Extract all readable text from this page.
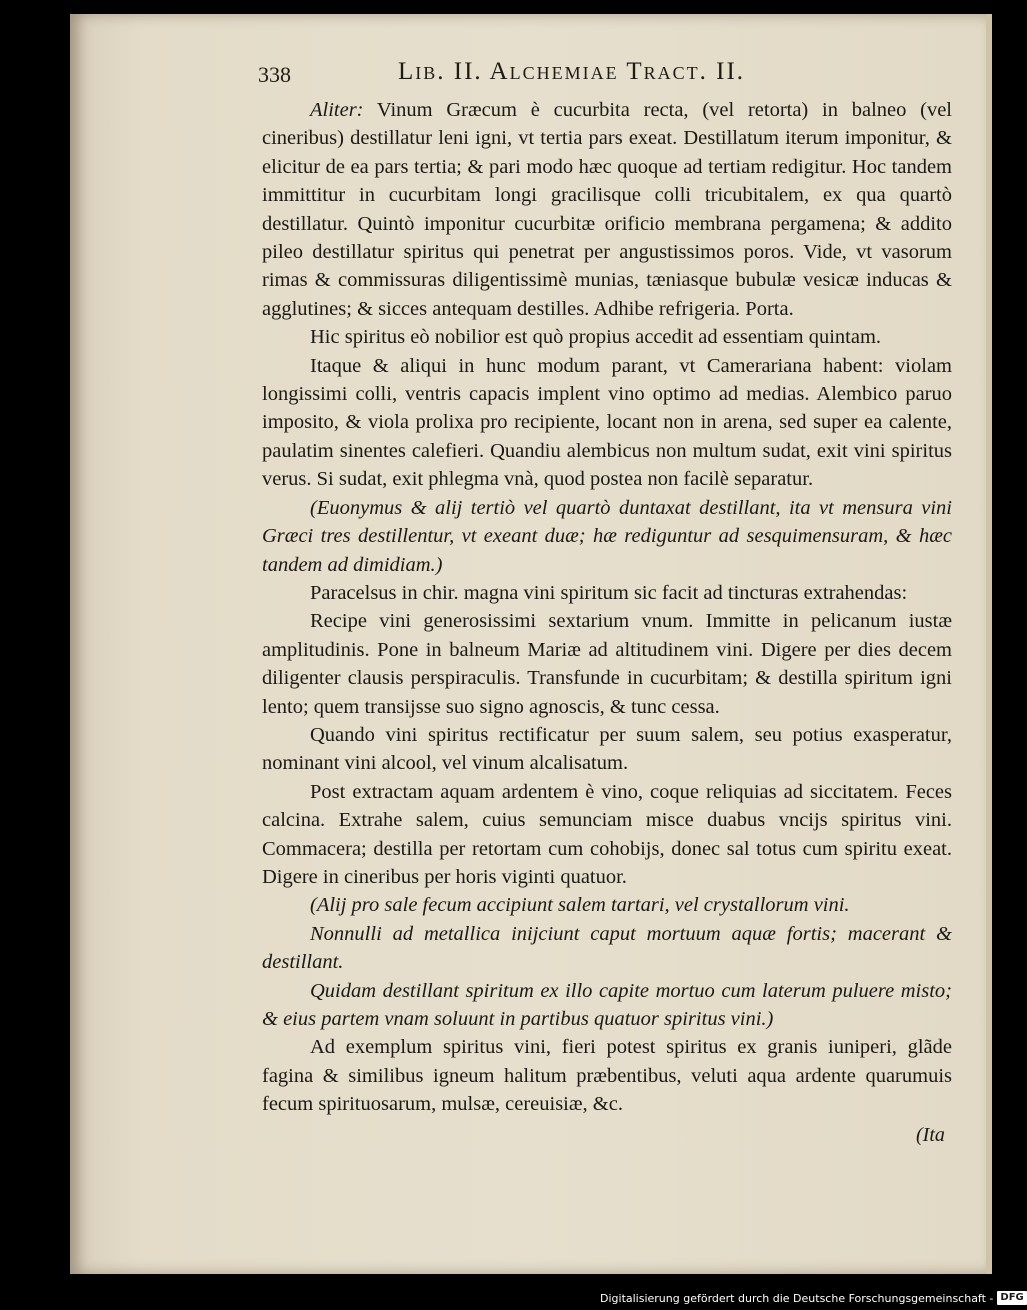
338	Lib. II. Alchemiae Tract. II.

Aliter: Vinum Græcum è cucurbita recta, (vel retorta) in balneo (vel cineribus) destillatur leni igni, vt tertia pars exeat. Destillatum iterum imponitur, & elicitur de ea pars tertia; & pari modo hæc quoque ad tertiam redigitur. Hoc tandem immittitur in cucurbitam longi gracilisque colli tricubitalem, ex qua quartò destillatur. Quintò imponitur cucurbitæ orificio membrana pergamena; & addito pileo destillatur spiritus qui penetrat per angustissimos poros. Vide, vt vasorum rimas & commissuras diligentissimè munias, tæniasque bubulæ vesicæ inducas & agglutines; & sicces antequam destilles. Adhibe refrigeria. Porta.

Hic spiritus eò nobilior est quò propius accedit ad essentiam quintam.

Itaque & aliqui in hunc modum parant, vt Camerariana habent: violam longissimi colli, ventris capacis implent vino optimo ad medias. Alembico paruo imposito, & viola prolixa pro recipiente, locant non in arena, sed super ea calente, paulatim sinentes calefieri. Quandiu alembicus non multum sudat, exit vini spiritus verus. Si sudat, exit phlegma vnà, quod postea non facilè separatur.

(Euonymus & alij tertiò vel quartò duntaxat destillant, ita vt mensura vini Græci tres destillentur, vt exeant duæ; hæ rediguntur ad sesquimensuram, & hæc tandem ad dimidiam.)

Paracelsus in chir. magna vini spiritum sic facit ad tincturas extrahendas:

Recipe vini generosissimi sextarium vnum. Immitte in pelicanum iustæ amplitudinis. Pone in balneum Mariæ ad altitudinem vini. Digere per dies decem diligenter clausis perspiraculis. Transfunde in cucurbitam; & destilla spiritum igni lento; quem transijsse suo signo agnoscis, & tunc cessa.

Quando vini spiritus rectificatur per suum salem, seu potius exasperatur, nominant vini alcool, vel vinum alcalisatum.

Post extractam aquam ardentem è vino, coque reliquias ad siccitatem. Feces calcina. Extrahe salem, cuius semunciam misce duabus vncijs spiritus vini. Commacera; destilla per retortam cum cohobijs, donec sal totus cum spiritu exeat. Digere in cineribus per horis viginti quatuor.

(Alij pro sale fecum accipiunt salem tartari, vel crystallorum vini.

Nonnulli ad metallica inijciunt caput mortuum aquæ fortis; macerant & destillant.

Quidam destillant spiritum ex illo capite mortuo cum laterum puluere misto; & eius partem vnam soluunt in partibus quatuor spiritus vini.)

Ad exemplum spiritus vini, fieri potest spiritus ex granis iuniperi, glãde fagina & similibus igneum halitum præbentibus, veluti aqua ardente quarumuis fecum spirituosarum, mulsæ, cereuisiæ, &c.

(Ita
Digitalisierung gefördert durch die Deutsche Forschungsgemeinschaft - DFG
